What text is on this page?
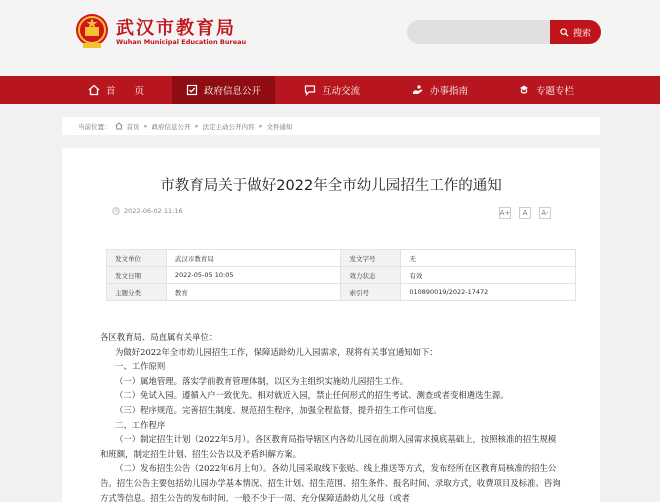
武汉市教育局
Wuhan Municipal Education Bureau
搜索
首　　页	政府信息公开	互动交流	办事指南	专题专栏
当前位置： 首页 » 政府信息公开 » 法定主动公开内容 » 文件通知
市教育局关于做好2022年全市幼儿园招生工作的通知
2022-06-02 11:16	A+	A	A-
发文单位	武汉市教育局	发文字号	无
发文日期	2022-05-05 10:05	效力状态	有效
主题分类	教育	索引号	010890019/2022-17472

各区教育局、局直属有关单位：

为做好2022年全市幼儿园招生工作，保障适龄幼儿入园需求，现将有关事宜通知如下：

一、工作原则

（一）属地管理。落实学前教育管理体制，以区为主组织实施幼儿园招生工作。

（二）免试入园。遵循入户一致优先、相对就近入园，禁止任何形式的招生考试、测查或者变相遴选生源。

（三）程序规范。完善招生制度、规范招生程序，加强全程监督，提升招生工作可信度。

二、工作程序

（一）制定招生计划（2022年5月）。各区教育局指导辖区内各幼儿园在前期入园需求摸底基础上，按照核准的招生规模和班额，制定招生计划、招生公告以及矛盾纠解方案。

（二）发布招生公告（2022年6月上旬）。各幼儿园采取线下张贴、线上推送等方式，发布经所在区教育局核准的招生公告。招生公告主要包括幼儿园办学基本情况、招生计划、招生范围、招生条件、报名时间、录取方式，收费项目及标准、咨询方式等信息。招生公告的发布时间，一般不少于一周，充分保障适龄幼儿父母（或者
